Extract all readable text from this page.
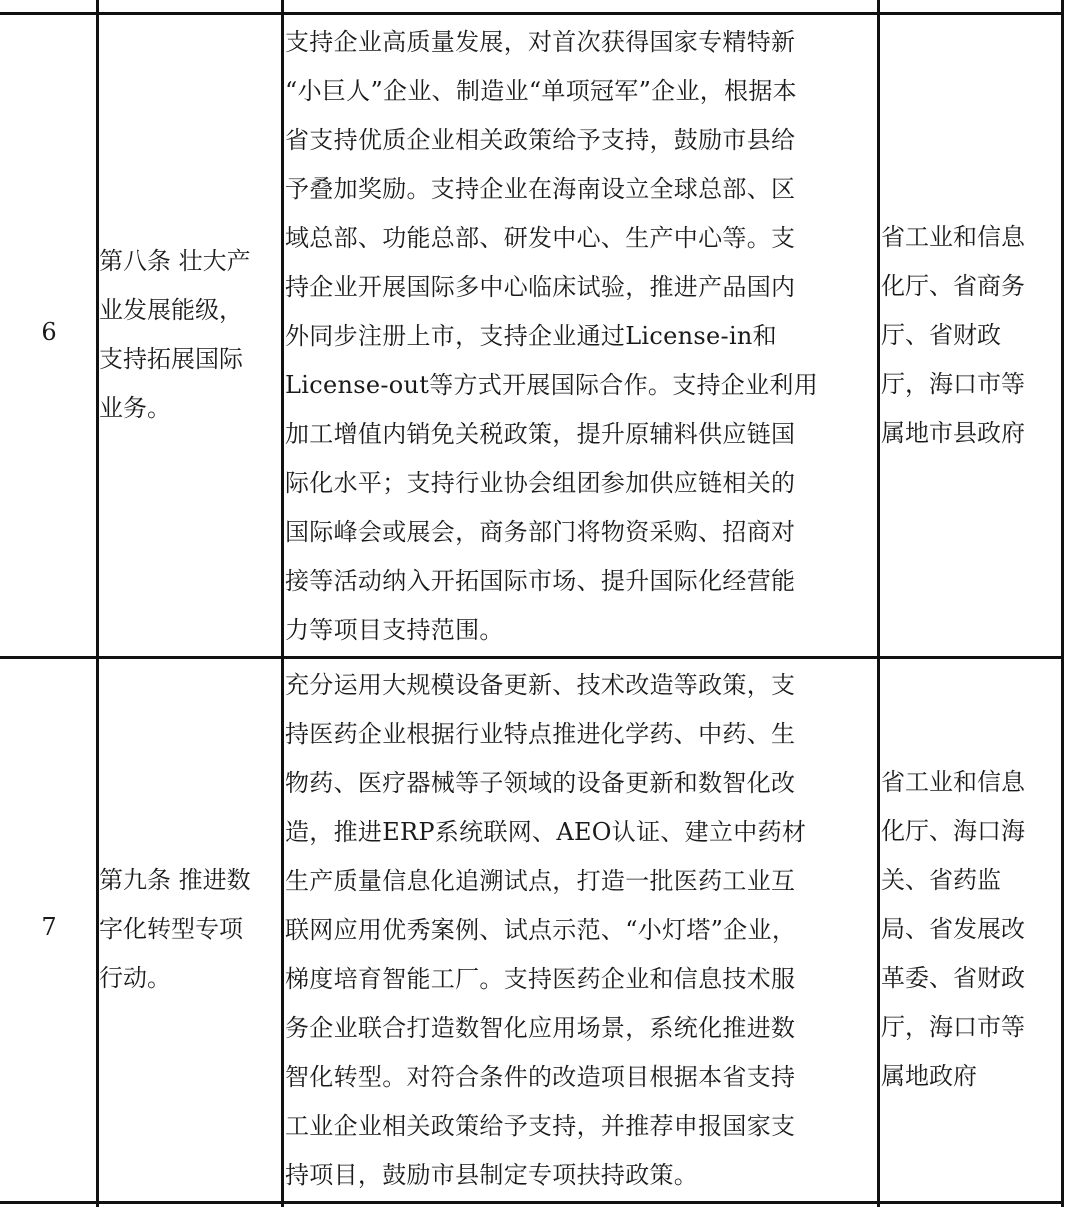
6
第八条 壮大产
业发展能级，
支持拓展国际
业务。
支持企业高质量发展，对首次获得国家专精特新
“小巨人”企业、制造业“单项冠军”企业，根据本
省支持优质企业相关政策给予支持，鼓励市县给
予叠加奖励。支持企业在海南设立全球总部、区
域总部、功能总部、研发中心、生产中心等。支
持企业开展国际多中心临床试验，推进产品国内
外同步注册上市，支持企业通过License-in和
License-out等方式开展国际合作。支持企业利用
加工增值内销免关税政策，提升原辅料供应链国
际化水平；支持行业协会组团参加供应链相关的
国际峰会或展会，商务部门将物资采购、招商对
接等活动纳入开拓国际市场、提升国际化经营能
力等项目支持范围。
省工业和信息
化厅、省商务
厅、省财政
厅，海口市等
属地市县政府
7
第九条 推进数
字化转型专项
行动。
充分运用大规模设备更新、技术改造等政策，支
持医药企业根据行业特点推进化学药、中药、生
物药、医疗器械等子领域的设备更新和数智化改
造，推进ERP系统联网、AEO认证、建立中药材
生产质量信息化追溯试点，打造一批医药工业互
联网应用优秀案例、试点示范、“小灯塔”企业，
梯度培育智能工厂。支持医药企业和信息技术服
务企业联合打造数智化应用场景，系统化推进数
智化转型。对符合条件的改造项目根据本省支持
工业企业相关政策给予支持，并推荐申报国家支
持项目，鼓励市县制定专项扶持政策。
省工业和信息
化厅、海口海
关、省药监
局、省发展改
革委、省财政
厅，海口市等
属地政府
